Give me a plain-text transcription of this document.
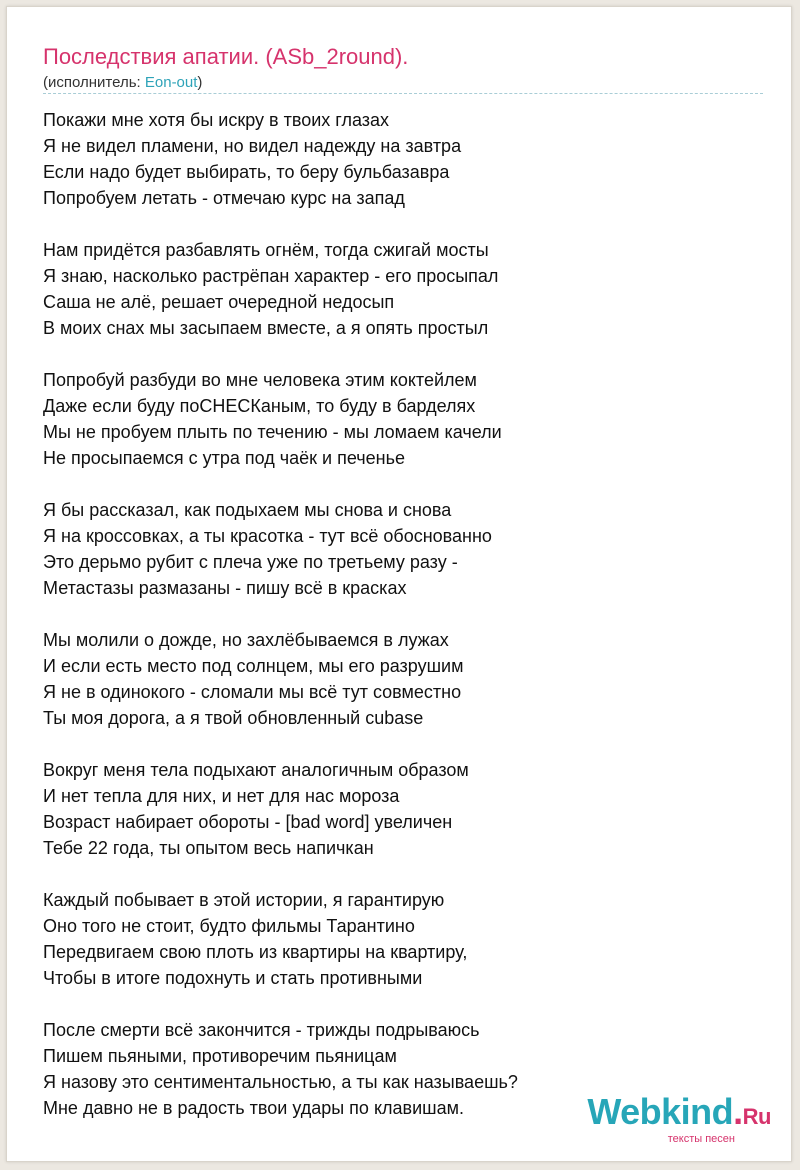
Последствия апатии. (ASb_2round).
(исполнитель: Eon-out)
Покажи мне хотя бы искру в твоих глазах
Я не видел пламени, но видел надежду на завтра
Если надо будет выбирать, то беру бульбазавра
Попробуем летать - отмечаю курс на запад
Нам придётся разбавлять огнём, тогда сжигай мосты
Я знаю, насколько растрёпан характер - его просыпал
Саша не алё, решает очередной недосып
В моих снах мы засыпаем вместе, а я опять простыл
Попробуй разбуди во мне человека этим коктейлем
Даже если буду поСНЕСКаным, то буду в барделях
Мы не пробуем плыть по течению - мы ломаем качели
Не просыпаемся с утра под чаёк и печенье
Я бы рассказал, как подыхаем мы снова и снова
Я на кроссовках, а ты красотка - тут всё обоснованно
Это дерьмо рубит с плеча уже по третьему разу -
Метастазы размазаны - пишу всё в красках
Мы молили о дожде, но захлёбываемся в лужах
И если есть место под солнцем, мы его разрушим
Я не в одинокого - сломали мы всё тут совместно
Ты моя дорога, а я твой обновленный cubase
Вокруг меня тела подыхают аналогичным образом
И нет тепла для них, и нет для нас мороза
Возраст набирает обороты - [bad word] увеличен
Тебе 22 года, ты опытом весь напичкан
Каждый побывает в этой истории, я гарантирую
Оно того не стоит, будто фильмы Тарантино
Передвигаем свою плоть из квартиры на квартиру,
Чтобы в итоге подохнуть и стать противными
После смерти всё закончится - трижды подрываюсь
Пишем пьяными, противоречим пьяницам
Я назову это сентиментальностью, а ты как называешь?
Мне давно не в радость твои удары по клавишам.	Webkind.Ru
тексты песен
